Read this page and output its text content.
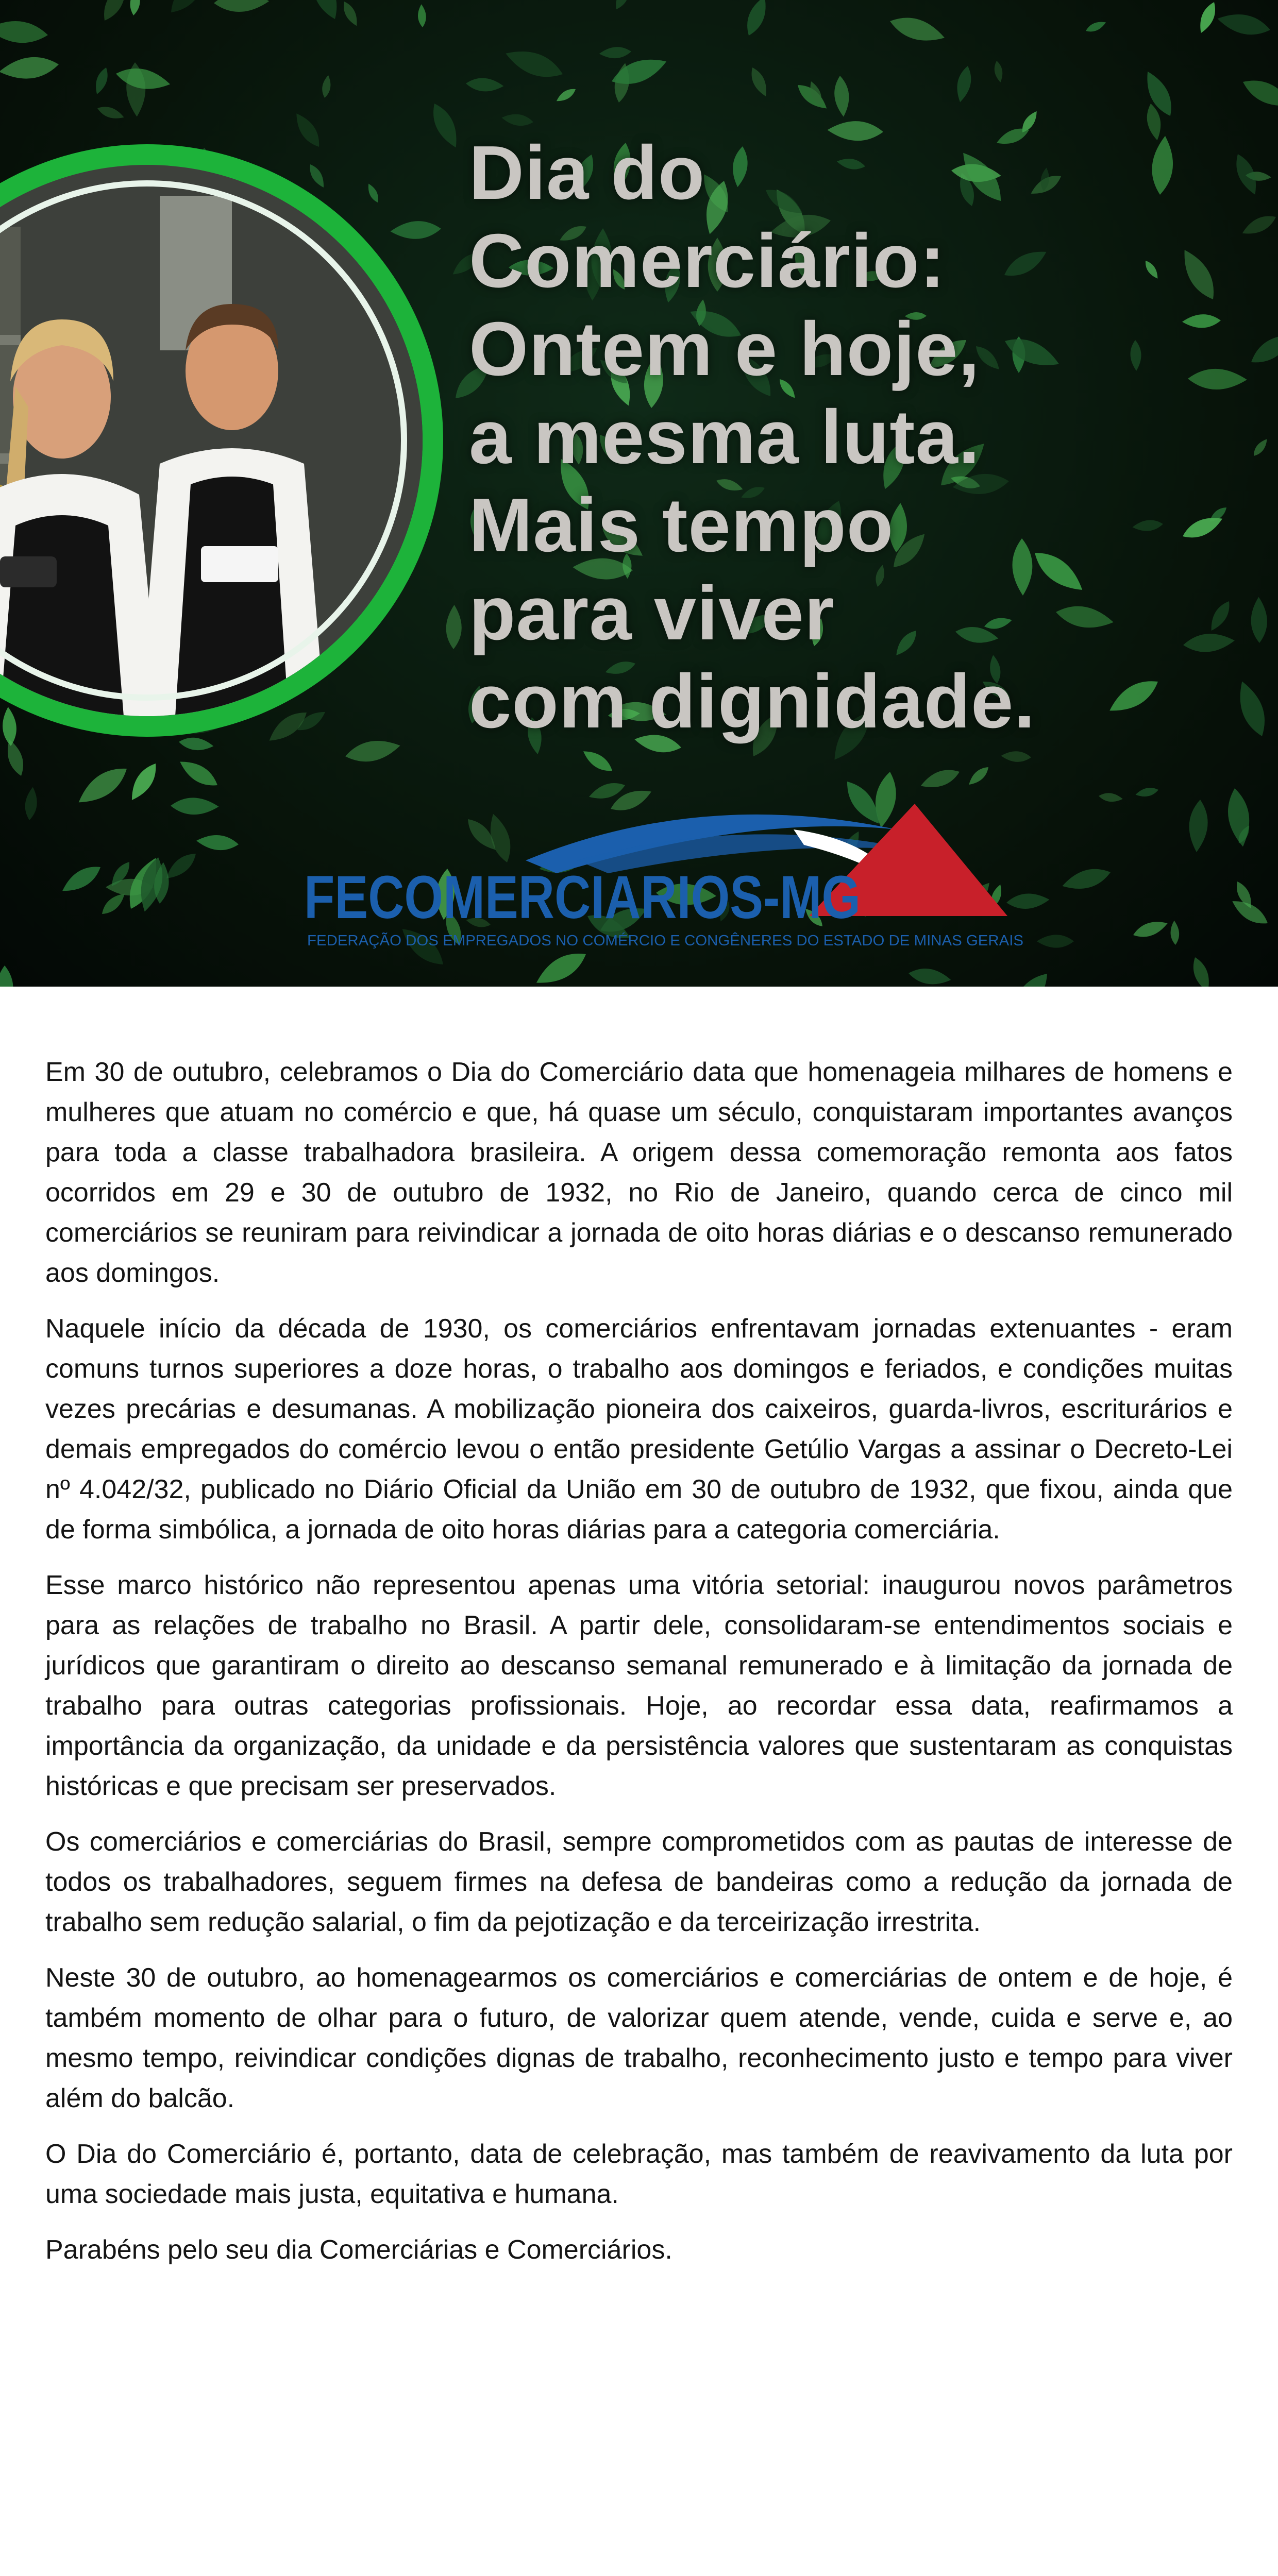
Dia do
Comerciário:
Ontem e hoje,
a mesma luta.
Mais tempo
para viver
com dignidade.
FECOMERCIARIOS-MG
FEDERAÇÃO DOS EMPREGADOS NO COMÉRCIO E CONGÊNERES DO ESTADO DE MINAS GERAIS

Em 30 de outubro, celebramos o Dia do Comerciário data que homenageia milhares de homens e mulheres que atuam no comércio e que, há quase um século, conquistaram importantes avanços para toda a classe trabalhadora brasileira. A origem dessa comemoração remonta aos fatos ocorridos em 29 e 30 de outubro de 1932, no Rio de Janeiro, quando cerca de cinco mil comerciários se reuniram para reivindicar a jornada de oito horas diárias e o descanso remunerado aos domingos.

Naquele início da década de 1930, os comerciários enfrentavam jornadas extenuantes - eram comuns turnos superiores a doze horas, o trabalho aos domingos e feriados, e condições muitas vezes precárias e desumanas. A mobilização pioneira dos caixeiros, guarda-livros, escriturários e demais empregados do comércio levou o então presidente Getúlio Vargas a assinar o Decreto-Lei nº 4.042/32, publicado no Diário Oficial da União em 30 de outubro de 1932, que fixou, ainda que de forma simbólica, a jornada de oito horas diárias para a categoria comerciária.

Esse marco histórico não representou apenas uma vitória setorial: inaugurou novos parâmetros para as relações de trabalho no Brasil. A partir dele, consolidaram-se entendimentos sociais e jurídicos que garantiram o direito ao descanso semanal remunerado e à limitação da jornada de trabalho para outras categorias profissionais. Hoje, ao recordar essa data, reafirmamos a importância da organização, da unidade e da persistência valores que sustentaram as conquistas históricas e que precisam ser preservados.

Os comerciários e comerciárias do Brasil, sempre comprometidos com as pautas de interesse de todos os trabalhadores, seguem firmes na defesa de bandeiras como a redução da jornada de trabalho sem redução salarial, o fim da pejotização e da terceirização irrestrita.

Neste 30 de outubro, ao homenagearmos os comerciários e comerciárias de ontem e de hoje, é também momento de olhar para o futuro, de valorizar quem atende, vende, cuida e serve e, ao mesmo tempo, reivindicar condições dignas de trabalho, reconhecimento justo e tempo para viver além do balcão.

O Dia do Comerciário é, portanto, data de celebração, mas também de reavivamento da luta por uma sociedade mais justa, equitativa e humana.

Parabéns pelo seu dia Comerciárias e Comerciários.
